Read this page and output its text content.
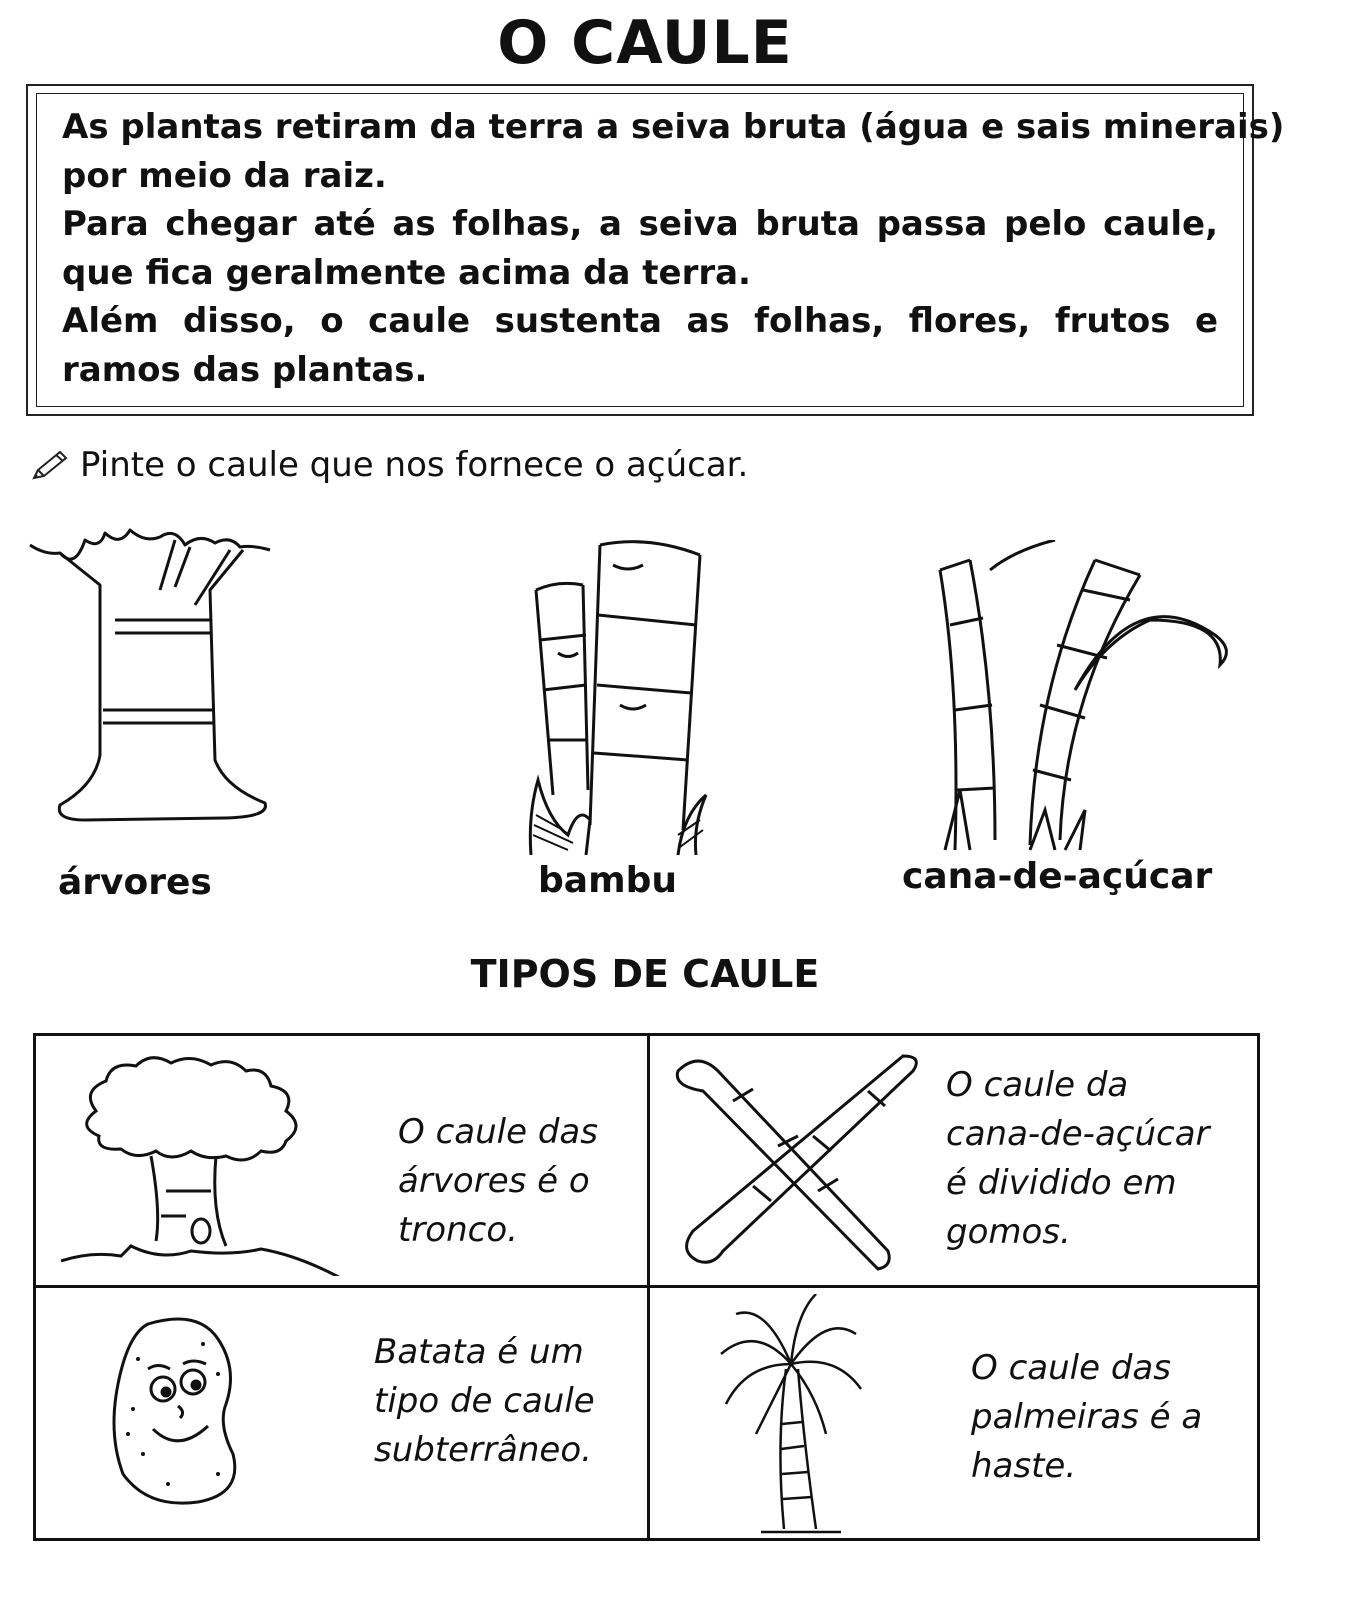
O CAULE
As plantas retiram da terra a seiva bruta (água e sais minerais)
por meio da raiz.
Para chegar até as folhas, a seiva bruta passa pelo caule,
que fica geralmente acima da terra.
Além disso, o caule sustenta as folhas, flores, frutos e
ramos das plantas.
Pinte o caule que nos fornece o açúcar.
árvores	bambu	cana-de-açúcar
TIPOS DE CAULE
O caule das
árvores é o
tronco.
O caule da
cana-de-açúcar
é dividido em
gomos.
Batata é um
tipo de caule
subterrâneo.
O caule das
palmeiras é a
haste.
